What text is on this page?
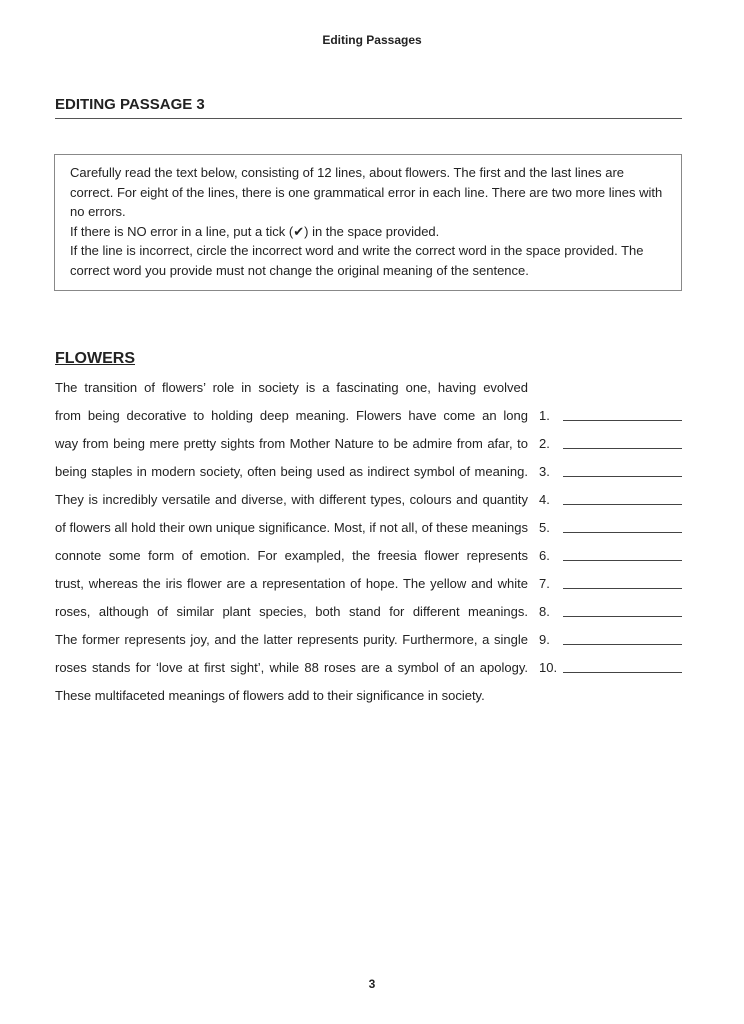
Editing Passages
EDITING PASSAGE 3

Carefully read the text below, consisting of 12 lines, about flowers. The first and the last lines are correct. For eight of the lines, there is one grammatical error in each line. There are two more lines with no errors.

If there is NO error in a line, put a tick (✔) in the space provided.

If the line is incorrect, circle the incorrect word and write the correct word in the space provided. The correct word you provide must not change the original meaning of the sentence.

FLOWERS
The transition of flowers’ role in society is a fascinating one, having evolved
from being decorative to holding deep meaning. Flowers have come an long 1.
way from being mere pretty sights from Mother Nature to be admire from afar, to 2.
being staples in modern society, often being used as indirect symbol of meaning. 3.
They is incredibly versatile and diverse, with different types, colours and quantity 4.
of flowers all hold their own unique significance. Most, if not all, of these meanings 5.
connote some form of emotion. For exampled, the freesia flower represents 6.
trust, whereas the iris flower are a representation of hope. The yellow and white 7.
roses, although of similar plant species, both stand for different meanings. 8.
The former represents joy, and the latter represents purity. Furthermore, a single 9.
roses stands for ‘love at first sight’, while 88 roses are a symbol of an apology. 10.
These multifaceted meanings of flowers add to their significance in society.
3
